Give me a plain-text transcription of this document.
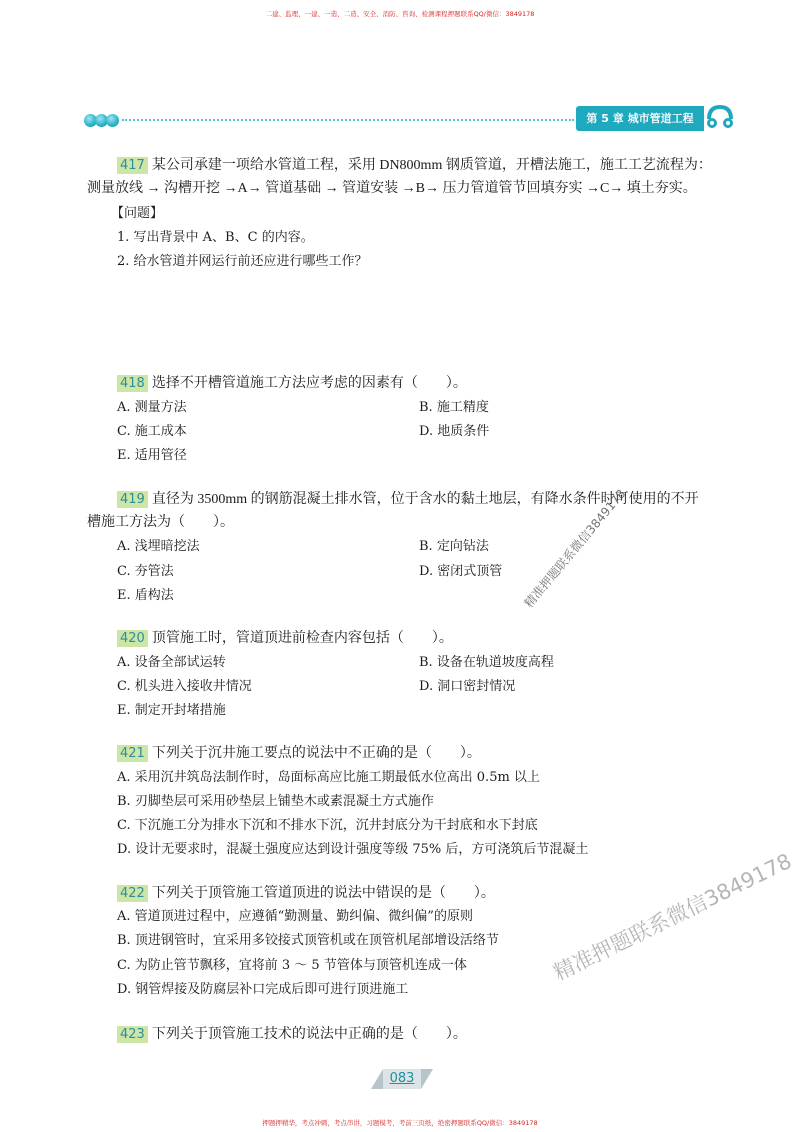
二建、监理、一建、一造、二造、安全、消防、咨询、检测课程押题联系QQ/微信：3849178
押题押精华，考点冲刺，考点串讲，习题模考，考前三页纸，绝密押题联系QQ/微信：3849178
第 5 章 城市管道工程
417 某公司承建一项给水管道工程，采用 DN800mm 钢质管道，开槽法施工，施工工艺流程为：
测量放线 → 沟槽开挖 →A→ 管道基础 → 管道安装 →B→ 压力管道管节回填夯实 →C→ 填土夯实。
【问题】
1. 写出背景中 A、B、C 的内容。
2. 给水管道并网运行前还应进行哪些工作？
418 选择不开槽管道施工方法应考虑的因素有（　　）。
A. 测量方法	B. 施工精度
C. 施工成本	D. 地质条件
E. 适用管径
419 直径为 3500mm 的钢筋混凝土排水管，位于含水的黏土地层，有降水条件时可使用的不开
槽施工方法为（　　）。
A. 浅埋暗挖法	B. 定向钻法
C. 夯管法	D. 密闭式顶管
E. 盾构法
420 顶管施工时，管道顶进前检查内容包括（　　）。
A. 设备全部试运转	B. 设备在轨道坡度高程
C. 机头进入接收井情况	D. 洞口密封情况
E. 制定开封堵措施
421 下列关于沉井施工要点的说法中不正确的是（　　）。
A. 采用沉井筑岛法制作时，岛面标高应比施工期最低水位高出 0.5m 以上
B. 刃脚垫层可采用砂垫层上铺垫木或素混凝土方式施作
C. 下沉施工分为排水下沉和不排水下沉，沉井封底分为干封底和水下封底
D. 设计无要求时，混凝土强度应达到设计强度等级 75% 后，方可浇筑后节混凝土
422 下列关于顶管施工管道顶进的说法中错误的是（　　）。
A. 管道顶进过程中，应遵循“勤测量、勤纠偏、微纠偏”的原则
B. 顶进钢管时，宜采用多铰接式顶管机或在顶管机尾部增设活络节
C. 为防止管节飘移，宜将前 3 ～ 5 节管体与顶管机连成一体
D. 钢管焊接及防腐层补口完成后即可进行顶进施工
423 下列关于顶管施工技术的说法中正确的是（　　）。
精准押题联系微信3849178
精准押题联系微信3849178
083
